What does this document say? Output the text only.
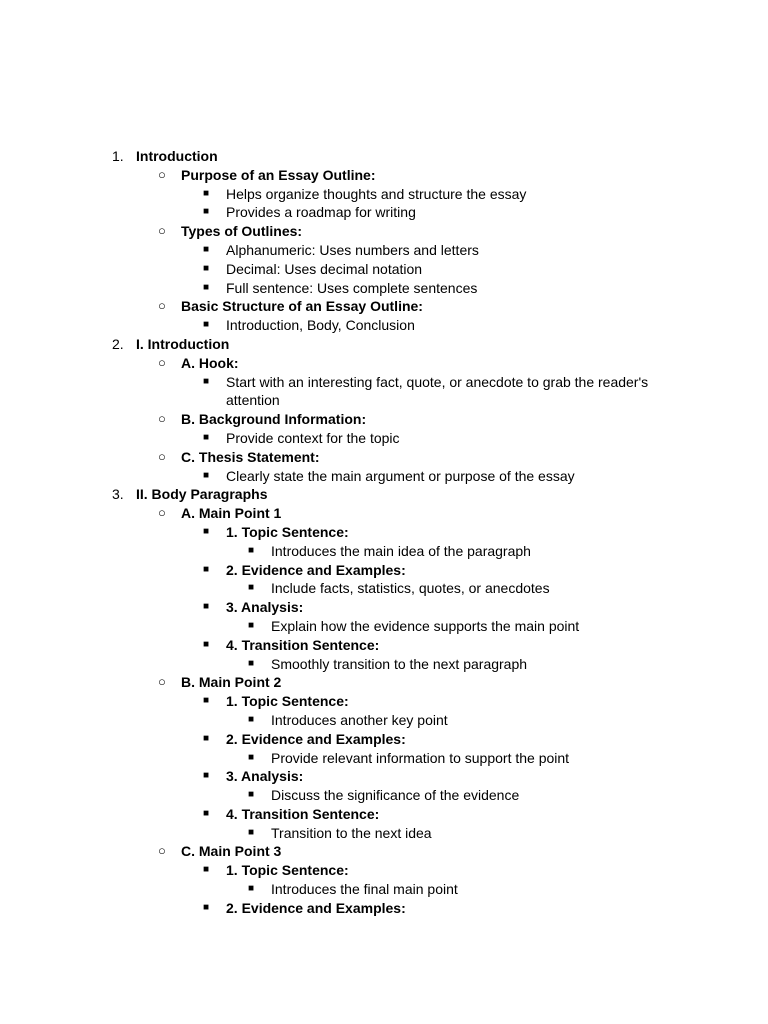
1. Introduction
○ Purpose of an Essay Outline:
■ Helps organize thoughts and structure the essay
■ Provides a roadmap for writing
○ Types of Outlines:
■ Alphanumeric: Uses numbers and letters
■ Decimal: Uses decimal notation
■ Full sentence: Uses complete sentences
○ Basic Structure of an Essay Outline:
■ Introduction, Body, Conclusion
2. I. Introduction
○ A. Hook:
■ Start with an interesting fact, quote, or anecdote to grab the reader's attention
○ B. Background Information:
■ Provide context for the topic
○ C. Thesis Statement:
■ Clearly state the main argument or purpose of the essay
3. II. Body Paragraphs
○ A. Main Point 1
■ 1. Topic Sentence:
■ Introduces the main idea of the paragraph
■ 2. Evidence and Examples:
■ Include facts, statistics, quotes, or anecdotes
■ 3. Analysis:
■ Explain how the evidence supports the main point
■ 4. Transition Sentence:
■ Smoothly transition to the next paragraph
○ B. Main Point 2
■ 1. Topic Sentence:
■ Introduces another key point
■ 2. Evidence and Examples:
■ Provide relevant information to support the point
■ 3. Analysis:
■ Discuss the significance of the evidence
■ 4. Transition Sentence:
■ Transition to the next idea
○ C. Main Point 3
■ 1. Topic Sentence:
■ Introduces the final main point
■ 2. Evidence and Examples:
